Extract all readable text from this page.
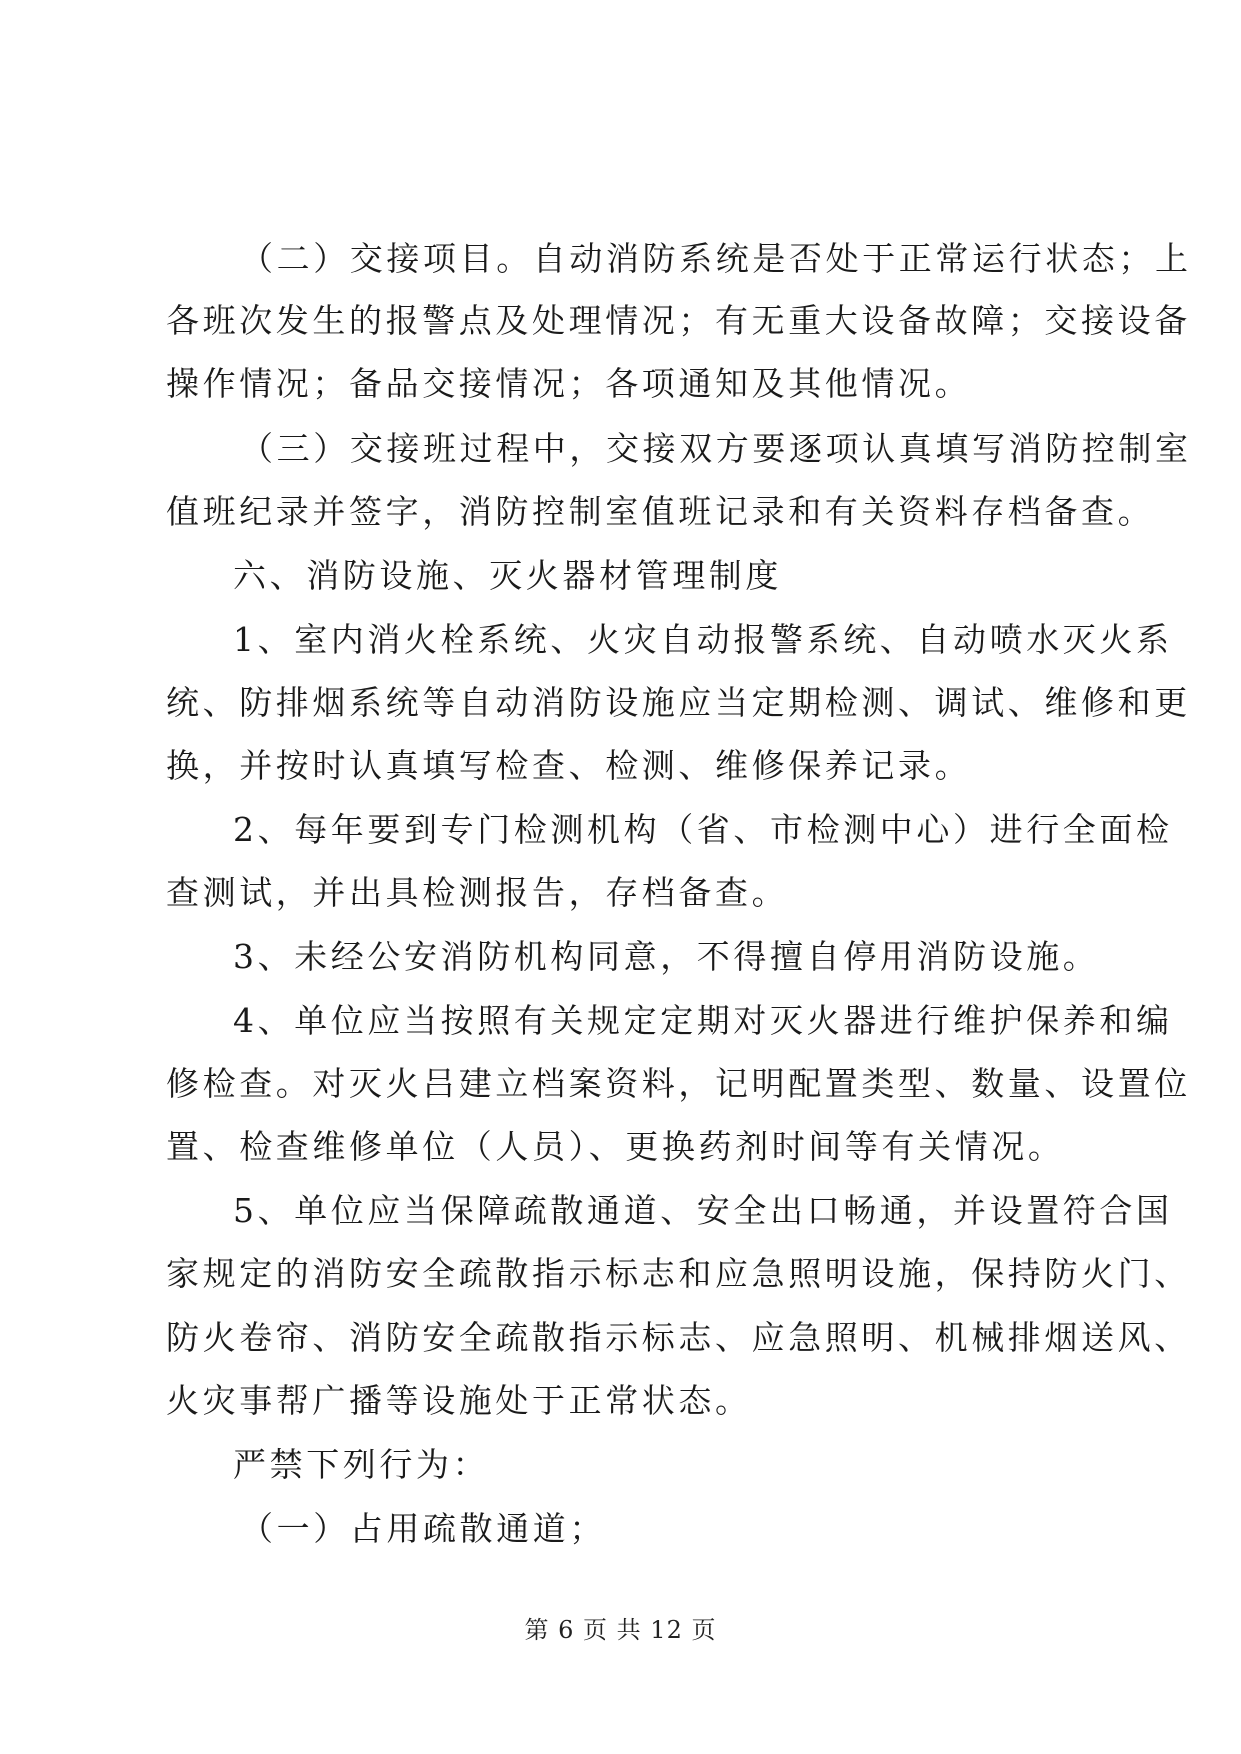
（二）交接项目。自动消防系统是否处于正常运行状态；上
各班次发生的报警点及处理情况；有无重大设备故障；交接设备
操作情况；备品交接情况；各项通知及其他情况。
（三）交接班过程中，交接双方要逐项认真填写消防控制室
值班纪录并签字，消防控制室值班记录和有关资料存档备查。
六、消防设施、灭火器材管理制度
1、室内消火栓系统、火灾自动报警系统、自动喷水灭火系
统、防排烟系统等自动消防设施应当定期检测、调试、维修和更
换，并按时认真填写检查、检测、维修保养记录。
2、每年要到专门检测机构（省、市检测中心）进行全面检
查测试，并出具检测报告，存档备查。
3、未经公安消防机构同意，不得擅自停用消防设施。
4、单位应当按照有关规定定期对灭火器进行维护保养和编
修检查。对灭火吕建立档案资料，记明配置类型、数量、设置位
置、检查维修单位（人员）、更换药剂时间等有关情况。
5、单位应当保障疏散通道、安全出口畅通，并设置符合国
家规定的消防安全疏散指示标志和应急照明设施，保持防火门、
防火卷帘、消防安全疏散指示标志、应急照明、机械排烟送风、
火灾事帮广播等设施处于正常状态。
严禁下列行为：
（一）占用疏散通道；
第 6 页 共 12 页
